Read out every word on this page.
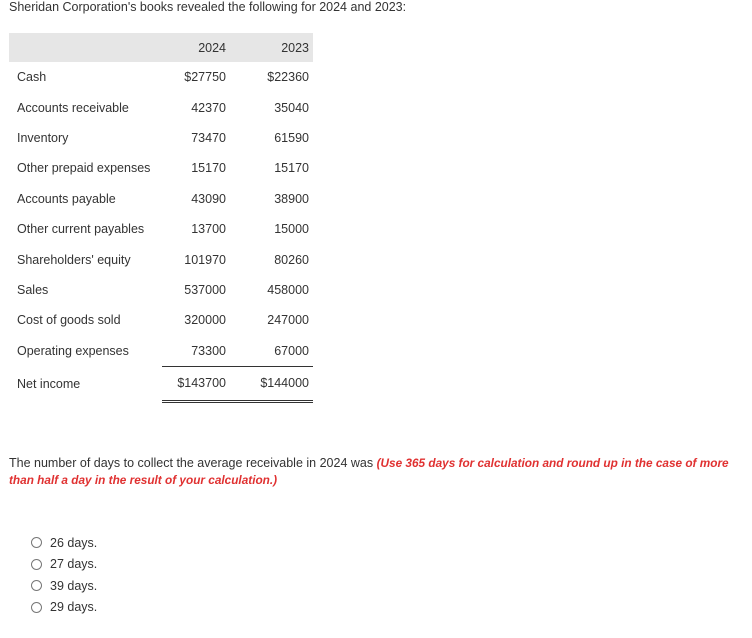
Sheridan Corporation's books revealed the following for 2024 and 2023:
	2024	2023
Cash	$27750	$22360
Accounts receivable	42370	35040
Inventory	73470	61590
Other prepaid expenses	15170	15170
Accounts payable	43090	38900
Other current payables	13700	15000
Shareholders' equity	101970	80260
Sales	537000	458000
Cost of goods sold	320000	247000
Operating expenses	73300	67000
Net income	$143700	$144000
The number of days to collect the average receivable in 2024 was (Use 365 days for calculation and round up in the case of more than half a day in the result of your calculation.)
26 days.
27 days.
39 days.
29 days.
